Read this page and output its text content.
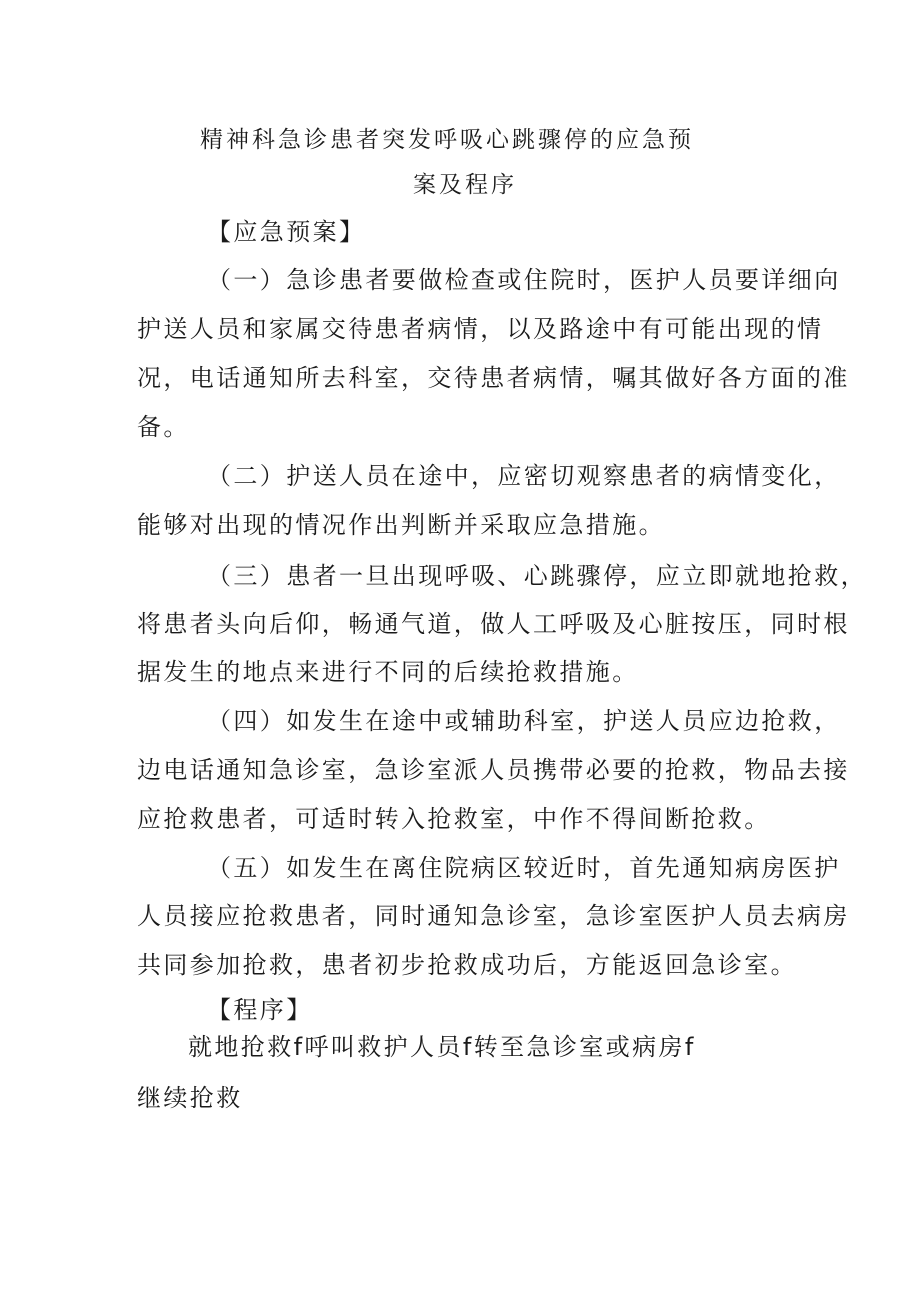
精神科急诊患者突发呼吸心跳骤停的应急预
案及程序
【应急预案】
（一）急诊患者要做检查或住院时，医护人员要详细向
护送人员和家属交待患者病情，以及路途中有可能出现的情
况，电话通知所去科室，交待患者病情，嘱其做好各方面的准
备。
（二）护送人员在途中，应密切观察患者的病情变化，
能够对出现的情况作出判断并采取应急措施。
（三）患者一旦出现呼吸、心跳骤停，应立即就地抢救，
将患者头向后仰，畅通气道，做人工呼吸及心脏按压，同时根
据发生的地点来进行不同的后续抢救措施。
（四）如发生在途中或辅助科室，护送人员应边抢救，
边电话通知急诊室，急诊室派人员携带必要的抢救，物品去接
应抢救患者，可适时转入抢救室，中作不得间断抢救。
（五）如发生在离住院病区较近时，首先通知病房医护
人员接应抢救患者，同时通知急诊室，急诊室医护人员去病房
共同参加抢救，患者初步抢救成功后，方能返回急诊室。
【程序】
就地抢救f呼叫救护人员f转至急诊室或病房f
继续抢救
